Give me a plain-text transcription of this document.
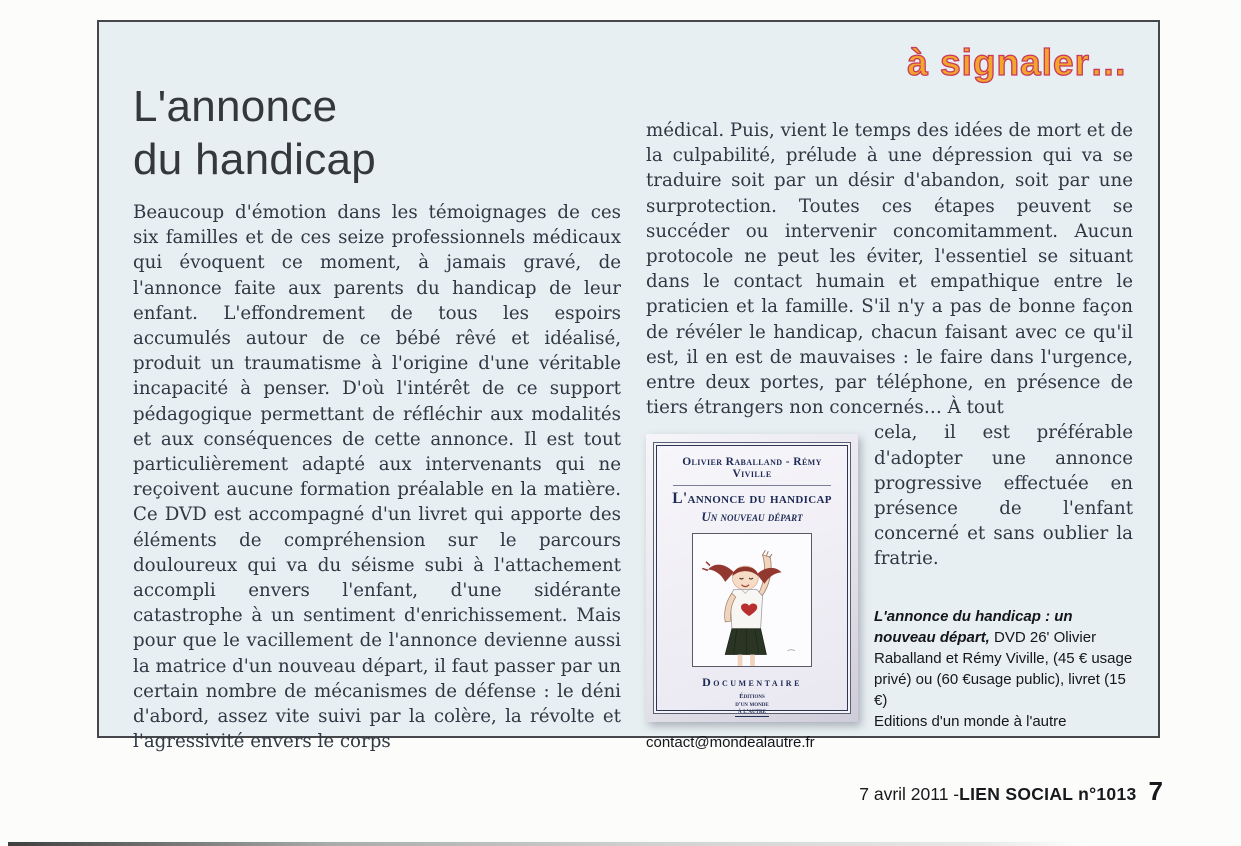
à signaler…
L'annonce
du handicap

Beaucoup d'émotion dans les témoignages de ces six familles et de ces seize professionnels médicaux qui évoquent ce moment, à jamais gravé, de l'annonce faite aux parents du handicap de leur enfant. L'effondrement de tous les espoirs accumulés autour de ce bébé rêvé et idéalisé, produit un traumatisme à l'origine d'une véritable incapacité à penser. D'où l'intérêt de ce support pédagogique permettant de réfléchir aux modalités et aux conséquences de cette annonce. Il est tout particulièrement adapté aux intervenants qui ne reçoivent aucune formation préalable en la matière. Ce DVD est accompagné d'un livret qui apporte des éléments de compréhension sur le parcours douloureux qui va du séisme subi à l'attachement accompli envers l'enfant, d'une sidérante catastrophe à un sentiment d'enrichissement. Mais pour que le vacillement de l'annonce devienne aussi la matrice d'un nouveau départ, il faut passer par un certain nombre de mécanismes de défense : le déni d'abord, assez vite suivi par la colère, la révolte et l'agressivité envers le corps

médical. Puis, vient le temps des idées de mort et de la culpabilité, prélude à une dépression qui va se traduire soit par un désir d'abandon, soit par une surprotection. Toutes ces étapes peuvent se succéder ou intervenir concomitamment. Aucun protocole ne peut les éviter, l'essentiel se situant dans le contact humain et empathique entre le praticien et la famille. S'il n'y a pas de bonne façon de révéler le handicap, chacun faisant avec ce qu'il est, il en est de mauvaises : le faire dans l'urgence, entre deux portes, par téléphone, en présence de tiers étrangers non concernés… À tout

Olivier Raballand - Rémy Viville
L'annonce du handicap
Un nouveau départ
Documentaire
Éditions
d'un monde
à l'autre

cela, il est préférable d'adopter une annonce progressive effectuée en présence de l'enfant concerné et sans oublier la fratrie.

L'annonce du handicap : un nouveau départ, DVD 26' Olivier Raballand et Rémy Viville, (45 € usage privé) ou (60 €usage public), livret (15 €)

Editions d'un monde à l'autre

contact@mondealautre.fr

7 avril 2011 - LIEN SOCIAL n°1013 7
